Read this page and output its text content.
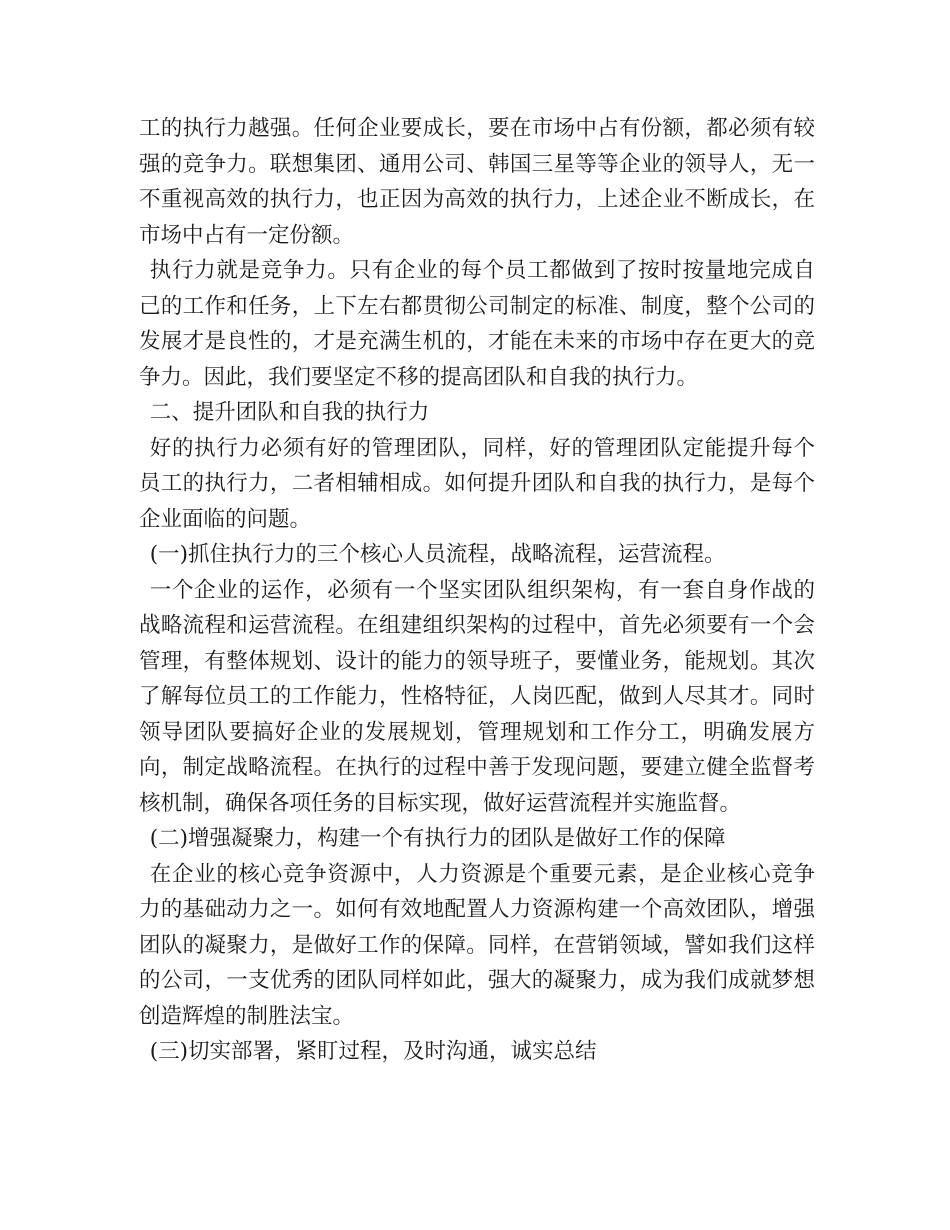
工的执行力越强。任何企业要成长，要在市场中占有份额，都必须有较强的竞争力。联想集团、通用公司、韩国三星等等企业的领导人，无一不重视高效的执行力，也正因为高效的执行力，上述企业不断成长，在市场中占有一定份额。

执行力就是竞争力。只有企业的每个员工都做到了按时按量地完成自己的工作和任务，上下左右都贯彻公司制定的标准、制度，整个公司的发展才是良性的，才是充满生机的，才能在未来的市场中存在更大的竞争力。因此，我们要坚定不移的提高团队和自我的执行力。

二、提升团队和自我的执行力

好的执行力必须有好的管理团队，同样，好的管理团队定能提升每个员工的执行力，二者相辅相成。如何提升团队和自我的执行力，是每个企业面临的问题。

(一)抓住执行力的三个核心人员流程，战略流程，运营流程。

一个企业的运作，必须有一个坚实团队组织架构，有一套自身作战的战略流程和运营流程。在组建组织架构的过程中，首先必须要有一个会管理，有整体规划、设计的能力的领导班子，要懂业务，能规划。其次了解每位员工的工作能力，性格特征，人岗匹配，做到人尽其才。同时领导团队要搞好企业的发展规划，管理规划和工作分工，明确发展方向，制定战略流程。在执行的过程中善于发现问题，要建立健全监督考核机制，确保各项任务的目标实现，做好运营流程并实施监督。

(二)增强凝聚力，构建一个有执行力的团队是做好工作的保障

在企业的核心竞争资源中，人力资源是个重要元素，是企业核心竞争力的基础动力之一。如何有效地配置人力资源构建一个高效团队，增强团队的凝聚力，是做好工作的保障。同样，在营销领域，譬如我们这样的公司，一支优秀的团队同样如此，强大的凝聚力，成为我们成就梦想创造辉煌的制胜法宝。

(三)切实部署，紧盯过程，及时沟通，诚实总结
